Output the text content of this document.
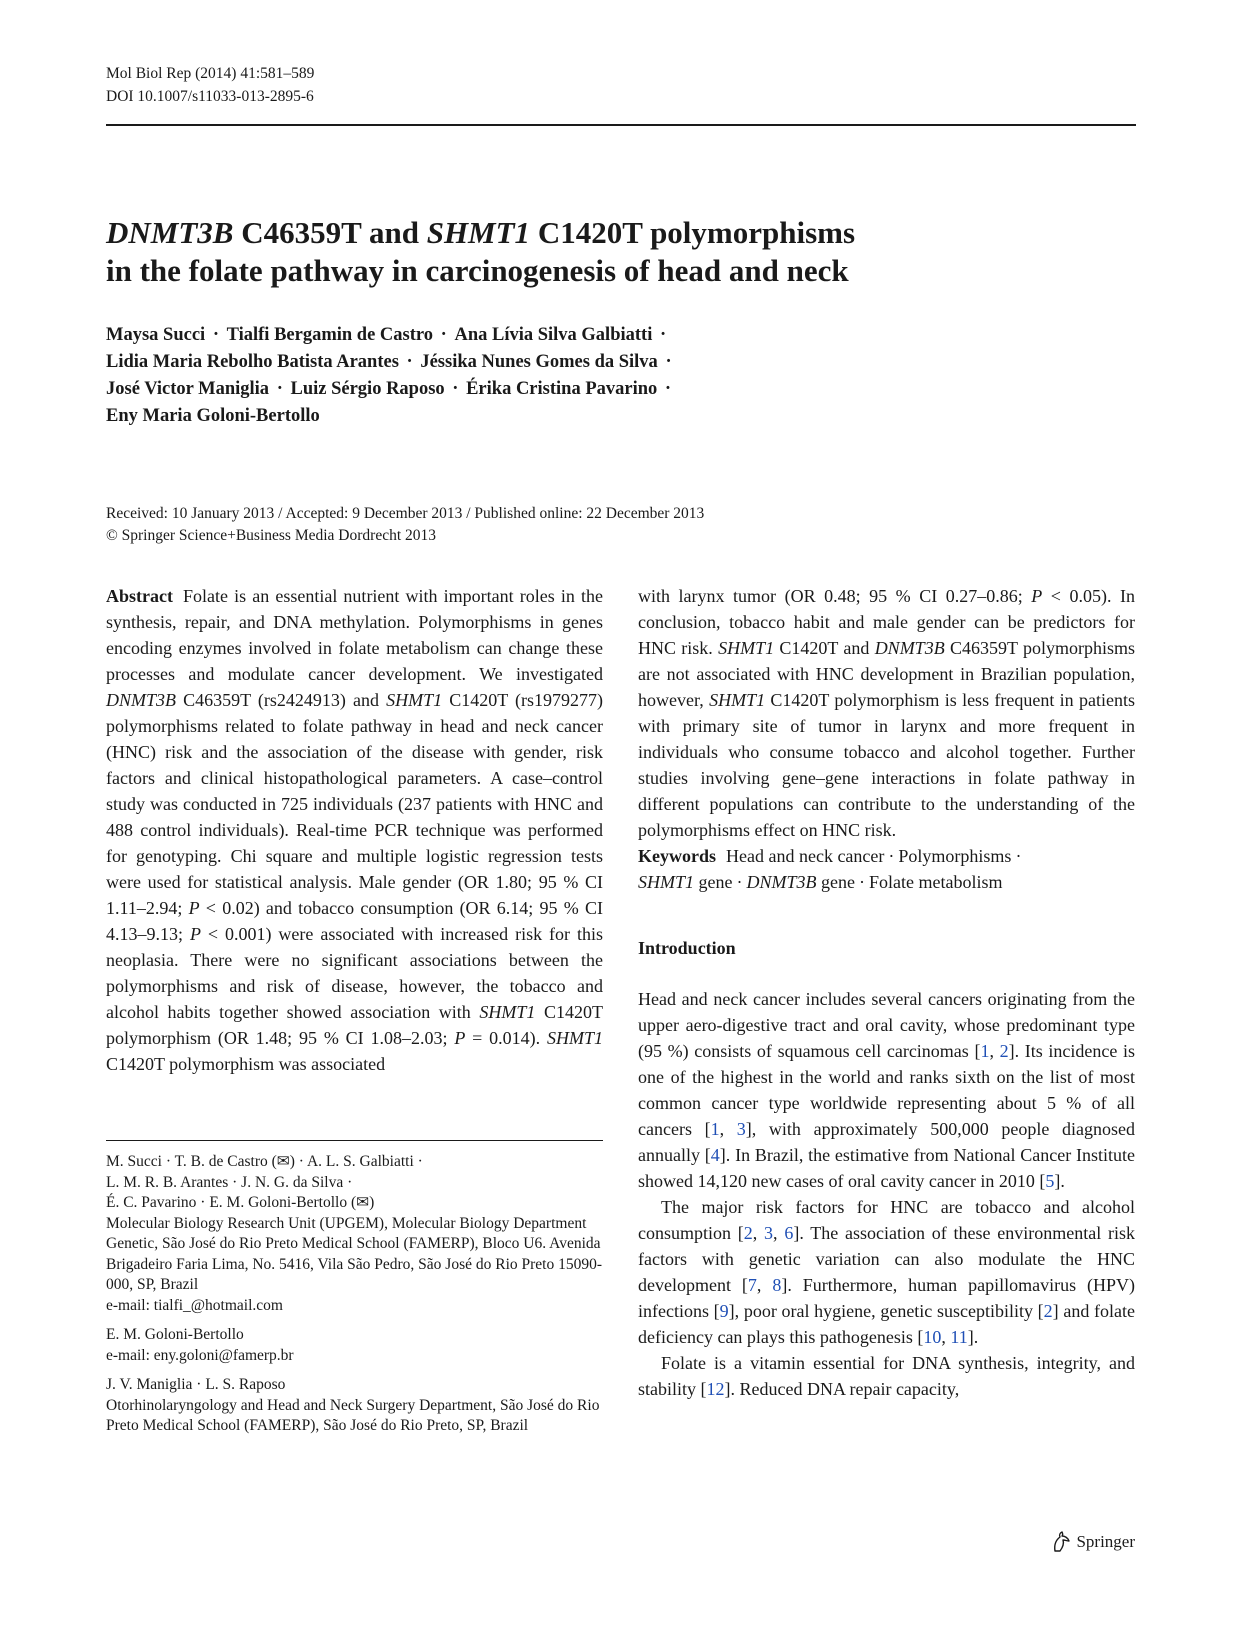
Mol Biol Rep (2014) 41:581–589
DOI 10.1007/s11033-013-2895-6
DNMT3B C46359T and SHMT1 C1420T polymorphisms
in the folate pathway in carcinogenesis of head and neck
Maysa Succi · Tialfi Bergamin de Castro · Ana Lívia Silva Galbiatti ·
Lidia Maria Rebolho Batista Arantes · Jéssika Nunes Gomes da Silva ·
José Victor Maniglia · Luiz Sérgio Raposo · Érika Cristina Pavarino ·
Eny Maria Goloni-Bertollo
Received: 10 January 2013 / Accepted: 9 December 2013 / Published online: 22 December 2013
© Springer Science+Business Media Dordrecht 2013

Abstract Folate is an essential nutrient with important roles in the synthesis, repair, and DNA methylation. Polymorphisms in genes encoding enzymes involved in folate metabolism can change these processes and modulate cancer development. We investigated DNMT3B C46359T (rs2424913) and SHMT1 C1420T (rs1979277) polymorphisms related to folate pathway in head and neck cancer (HNC) risk and the association of the disease with gender, risk factors and clinical histopathological parameters. A case–control study was conducted in 725 individuals (237 patients with HNC and 488 control individuals). Real-time PCR technique was performed for genotyping. Chi square and multiple logistic regression tests were used for statistical analysis. Male gender (OR 1.80; 95 % CI 1.11–2.94; P < 0.02) and tobacco consumption (OR 6.14; 95 % CI 4.13–9.13; P < 0.001) were associated with increased risk for this neoplasia. There were no significant associations between the polymorphisms and risk of disease, however, the tobacco and alcohol habits together showed association with SHMT1 C1420T polymorphism (OR 1.48; 95 % CI 1.08–2.03; P = 0.014). SHMT1 C1420T polymorphism was associated

M. Succi · T. B. de Castro (✉) · A. L. S. Galbiatti ·

L. M. R. B. Arantes · J. N. G. da Silva ·

É. C. Pavarino · E. M. Goloni-Bertollo (✉)

Molecular Biology Research Unit (UPGEM), Molecular Biology Department Genetic, São José do Rio Preto Medical School (FAMERP), Bloco U6. Avenida Brigadeiro Faria Lima, No. 5416, Vila São Pedro, São José do Rio Preto 15090-000, SP, Brazil

e-mail: tialfi_@hotmail.com

E. M. Goloni-Bertollo

e-mail: eny.goloni@famerp.br

J. V. Maniglia · L. S. Raposo

Otorhinolaryngology and Head and Neck Surgery Department, São José do Rio Preto Medical School (FAMERP), São José do Rio Preto, SP, Brazil

with larynx tumor (OR 0.48; 95 % CI 0.27–0.86; P < 0.05). In conclusion, tobacco habit and male gender can be predictors for HNC risk. SHMT1 C1420T and DNMT3B C46359T polymorphisms are not associated with HNC development in Brazilian population, however, SHMT1 C1420T polymorphism is less frequent in patients with primary site of tumor in larynx and more frequent in individuals who consume tobacco and alcohol together. Further studies involving gene–gene interactions in folate pathway in different populations can contribute to the understanding of the polymorphisms effect on HNC risk.

Keywords Head and neck cancer · Polymorphisms ·
SHMT1 gene · DNMT3B gene · Folate metabolism

Introduction

Head and neck cancer includes several cancers originating from the upper aero-digestive tract and oral cavity, whose predominant type (95 %) consists of squamous cell carcinomas [1, 2]. Its incidence is one of the highest in the world and ranks sixth on the list of most common cancer type worldwide representing about 5 % of all cancers [1, 3], with approximately 500,000 people diagnosed annually [4]. In Brazil, the estimative from National Cancer Institute showed 14,120 new cases of oral cavity cancer in 2010 [5].

The major risk factors for HNC are tobacco and alcohol consumption [2, 3, 6]. The association of these environmental risk factors with genetic variation can also modulate the HNC development [7, 8]. Furthermore, human papillomavirus (HPV) infections [9], poor oral hygiene, genetic susceptibility [2] and folate deficiency can plays this pathogenesis [10, 11].

Folate is a vitamin essential for DNA synthesis, integrity, and stability [12]. Reduced DNA repair capacity,

Springer
